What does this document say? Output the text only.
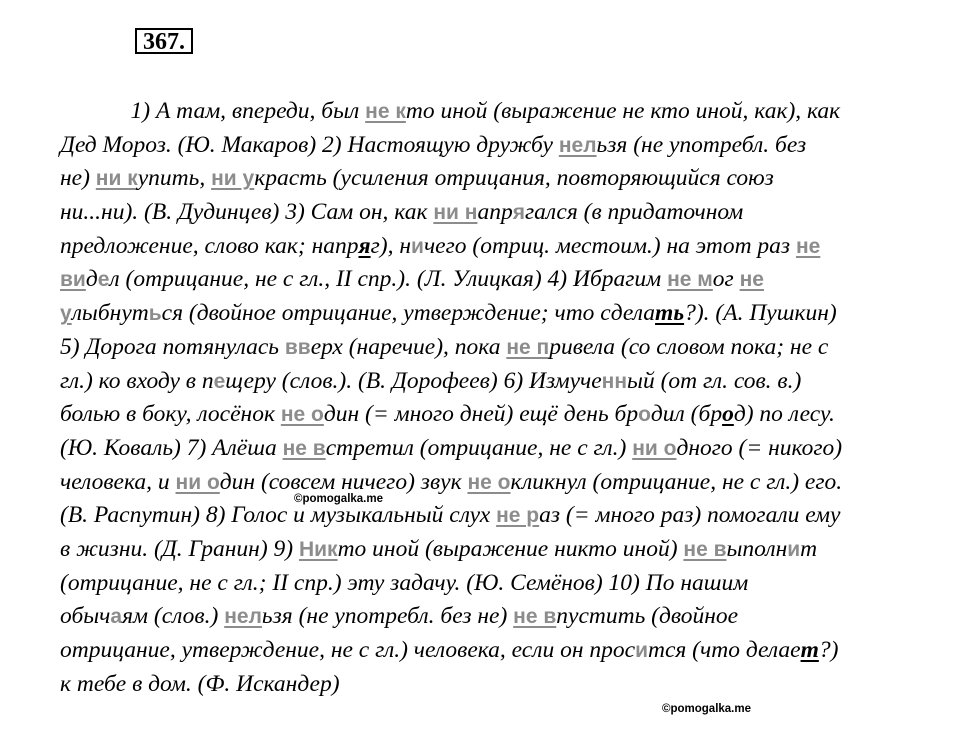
367.
1) А там, впереди, был не кто иной (выражение не кто иной, как), как
Дед Мороз. (Ю. Макаров) 2) Настоящую дружбу нельзя (не употребл. без
не) ни купить, ни украсть (усиления отрицания, повторяющийся союз
ни...ни). (В. Дудинцев) 3) Сам он, как ни напрягался (в придаточном
предложение, слово как; напряг), ничего (отриц. местоим.) на этот раз не
видел (отрицание, не с гл., II спр.). (Л. Улицкая) 4) Ибрагим не мог не
улыбнуться (двойное отрицание, утверждение; что сделать?). (А. Пушкин)
5) Дорога потянулась вверх (наречие), пока не привела (со словом пока; не с
гл.) ко входу в пещеру (слов.). (В. Дорофеев) 6) Измученный (от гл. сов. в.)
болью в боку, лосёнок не один (= много дней) ещё день бродил (брод) по лесу.
(Ю. Коваль) 7) Алёша не встретил (отрицание, не с гл.) ни одного (= никого)
человека, и ни один (совсем ничего) звук не окликнул (отрицание, не с гл.) его.
(В. Распутин) 8) Голос и музыкальный слух не раз (= много раз) помогали ему
в жизни. (Д. Гранин) 9) Никто иной (выражение никто иной) не выполнит
(отрицание, не с гл.; II спр.) эту задачу. (Ю. Семёнов) 10) По нашим
обычаям (слов.) нельзя (не употребл. без не) не впустить (двойное
отрицание, утверждение, не с гл.) человека, если он просится (что делает?)
к тебе в дом. (Ф. Искандер)
©pomogalka.me
©pomogalka.me
